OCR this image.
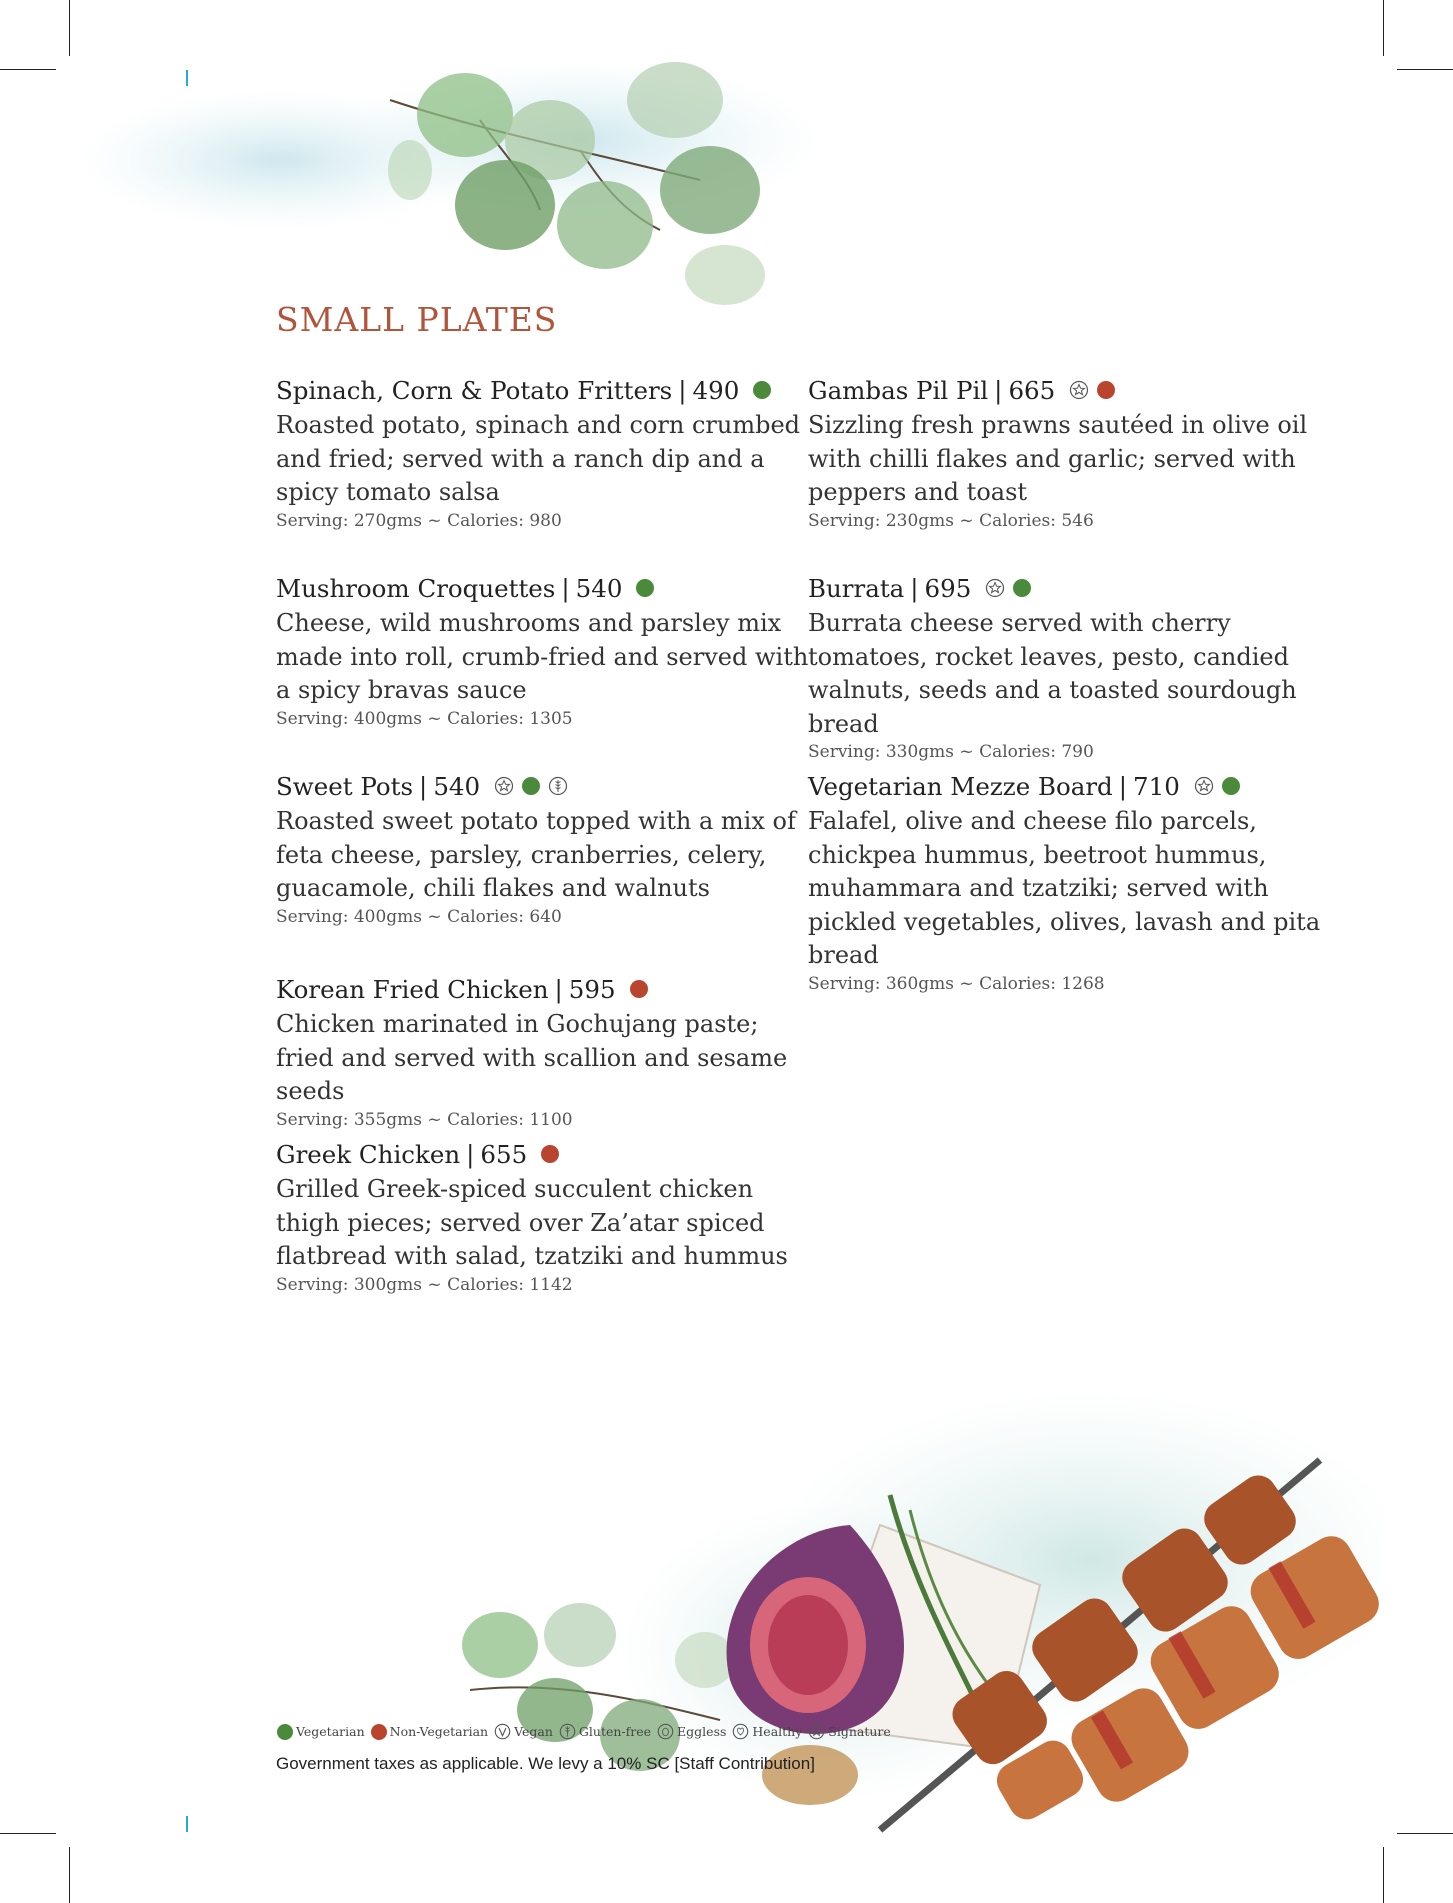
SMALL PLATES
Spinach, Corn & Potato Fritters | 490
Roasted potato, spinach and corn crumbed and fried; served with a ranch dip and a spicy tomato salsa
Serving: 270gms ~ Calories: 980
Mushroom Croquettes | 540
Cheese, wild mushrooms and parsley mix made into roll, crumb-fried and served with a spicy bravas sauce
Serving: 400gms ~ Calories: 1305
Sweet Pots | 540
Roasted sweet potato topped with a mix of feta cheese, parsley, cranberries, celery, guacamole, chili flakes and walnuts
Serving: 400gms ~ Calories: 640
Korean Fried Chicken | 595
Chicken marinated in Gochujang paste; fried and served with scallion and sesame seeds
Serving: 355gms ~ Calories: 1100
Greek Chicken | 655
Grilled Greek-spiced succulent chicken thigh pieces; served over Za’atar spiced flatbread with salad, tzatziki and hummus
Serving: 300gms ~ Calories: 1142
Gambas Pil Pil | 665
Sizzling fresh prawns sautéed in olive oil with chilli flakes and garlic; served with peppers and toast
Serving: 230gms ~ Calories: 546
Burrata | 695
Burrata cheese served with cherry tomatoes, rocket leaves, pesto, candied walnuts, seeds and a toasted sourdough bread
Serving: 330gms ~ Calories: 790
Vegetarian Mezze Board | 710
Falafel, olive and cheese filo parcels, chickpea hummus, beetroot hummus, muhammara and tzatziki; served with pickled vegetables, olives, lavash and pita bread
Serving: 360gms ~ Calories: 1268
Vegetarian Non-Vegetarian Vegan Gluten-free Eggless Healthy Signature
Government taxes as applicable. We levy a 10% SC [Staff Contribution]
